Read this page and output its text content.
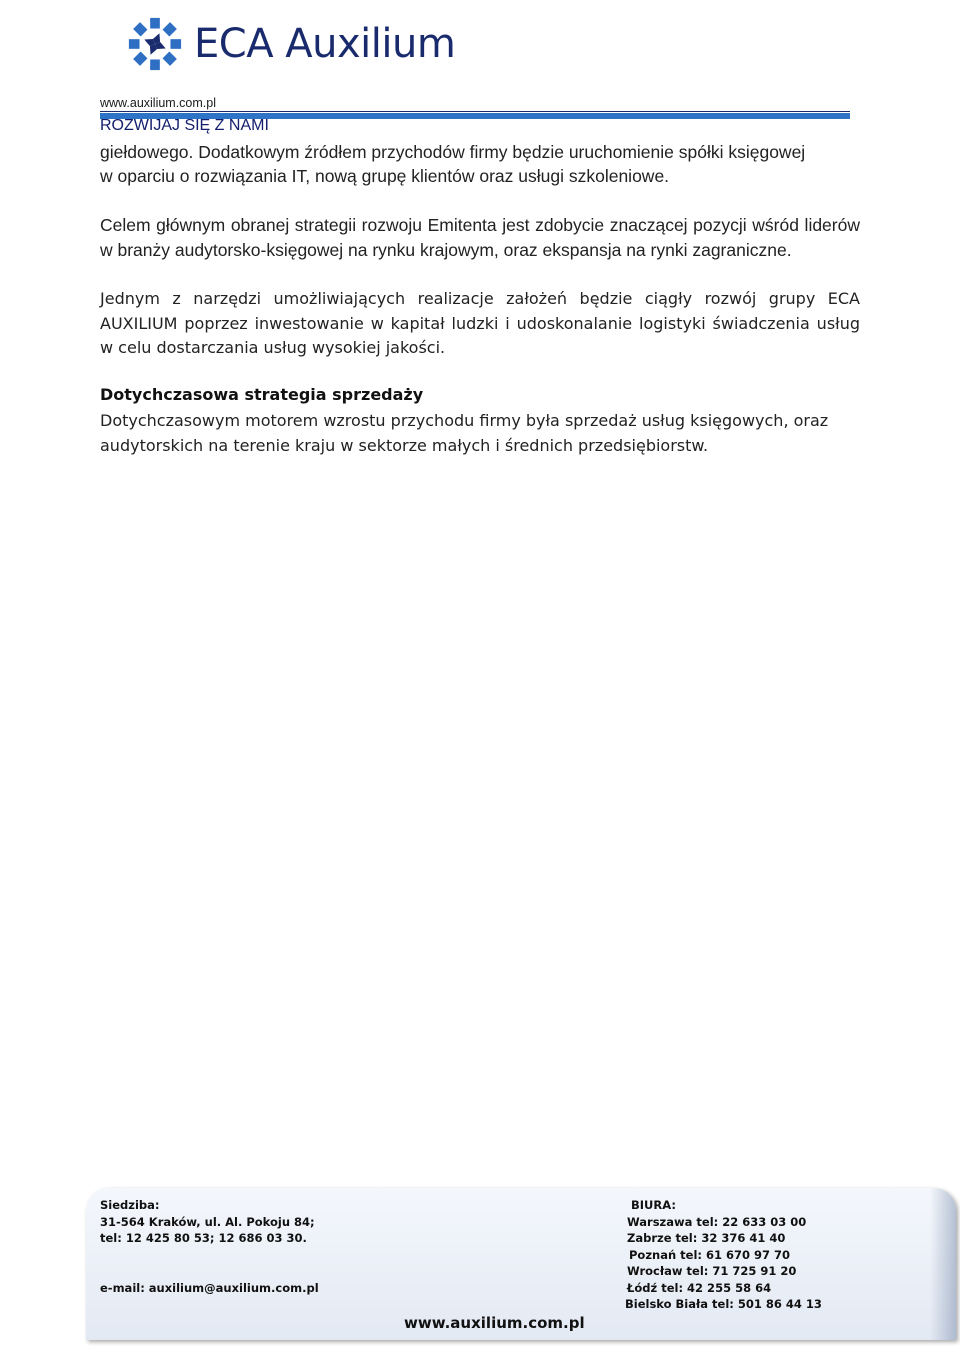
ECA Auxilium
www.auxilium.com.pl
ROZWIJAJ SIĘ Z NAMI

giełdowego. Dodatkowym źródłem przychodów firmy będzie uruchomienie spółki księgowej

w oparciu o rozwiązania IT, nową grupę klientów oraz usługi szkoleniowe.

Celem głównym obranej strategii rozwoju Emitenta jest zdobycie znaczącej pozycji wśród liderów w branży audytorsko-księgowej na rynku krajowym, oraz ekspansja na rynki zagraniczne.

Jednym z narzędzi umożliwiających realizacje założeń będzie ciągły rozwój grupy ECA AUXILIUM poprzez inwestowanie w kapitał ludzki i udoskonalanie logistyki świadczenia usług w celu dostarczania usług wysokiej jakości.

Dotychczasowa strategia sprzedaży

Dotychczasowym motorem wzrostu przychodu firmy była sprzedaż usług księgowych, oraz

audytorskich na terenie kraju w sektorze małych i średnich przedsiębiorstw.

Siedziba:
31-564 Kraków, ul. Al. Pokoju 84;
tel: 12 425 80 53; 12 686 03 30.
e-mail: auxilium@auxilium.com.pl
BIURA:
Warszawa tel: 22 633 03 00
Zabrze tel: 32 376 41 40
Poznań tel: 61 670 97 70
Wrocław tel: 71 725 91 20
Łódź tel: 42 255 58 64
Bielsko Biała tel: 501 86 44 13
www.auxilium.com.pl
